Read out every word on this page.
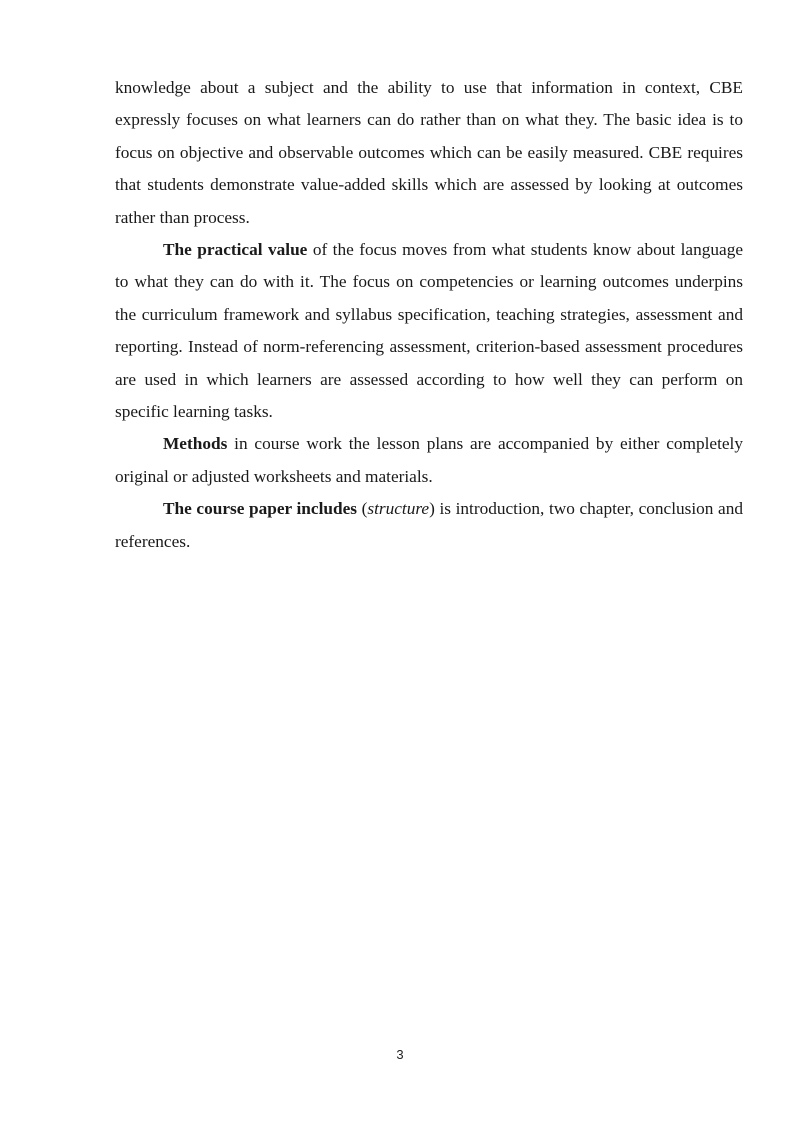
knowledge about a subject and the ability to use that information in context, CBE expressly focuses on what learners can do rather than on what they. The basic idea is to focus on objective and observable outcomes which can be easily measured. CBE requires that students demonstrate value-added skills which are assessed by looking at outcomes rather than process.

The practical value of the focus moves from what students know about language to what they can do with it. The focus on competencies or learning outcomes underpins the curriculum framework and syllabus specification, teaching strategies, assessment and reporting. Instead of norm-referencing assessment, criterion-based assessment procedures are used in which learners are assessed according to how well they can perform on specific learning tasks.

Methods in course work the lesson plans are accompanied by either completely original or adjusted worksheets and materials.

The course paper includes (structure) is introduction, two chapter, conclusion and references.

3
